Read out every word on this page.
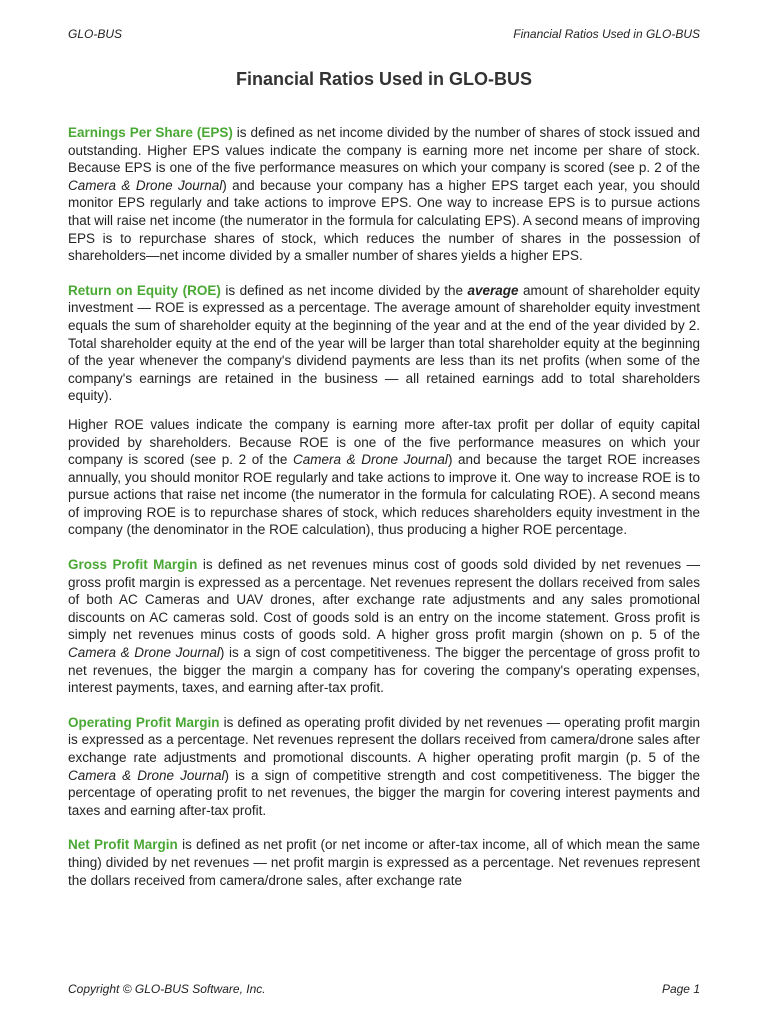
GLO-BUS	Financial Ratios Used in GLO-BUS
Financial Ratios Used in GLO-BUS

Earnings Per Share (EPS) is defined as net income divided by the number of shares of stock issued and outstanding. Higher EPS values indicate the company is earning more net income per share of stock. Because EPS is one of the five performance measures on which your company is scored (see p. 2 of the Camera & Drone Journal) and because your company has a higher EPS target each year, you should monitor EPS regularly and take actions to improve EPS. One way to increase EPS is to pursue actions that will raise net income (the numerator in the formula for calculating EPS). A second means of improving EPS is to repurchase shares of stock, which reduces the number of shares in the possession of shareholders—net income divided by a smaller number of shares yields a higher EPS.

Return on Equity (ROE) is defined as net income divided by the average amount of shareholder equity investment — ROE is expressed as a percentage. The average amount of shareholder equity investment equals the sum of shareholder equity at the beginning of the year and at the end of the year divided by 2. Total shareholder equity at the end of the year will be larger than total shareholder equity at the beginning of the year whenever the company's dividend payments are less than its net profits (when some of the company's earnings are retained in the business — all retained earnings add to total shareholders equity).

Higher ROE values indicate the company is earning more after-tax profit per dollar of equity capital provided by shareholders. Because ROE is one of the five performance measures on which your company is scored (see p. 2 of the Camera & Drone Journal) and because the target ROE increases annually, you should monitor ROE regularly and take actions to improve it. One way to increase ROE is to pursue actions that raise net income (the numerator in the formula for calculating ROE). A second means of improving ROE is to repurchase shares of stock, which reduces shareholders equity investment in the company (the denominator in the ROE calculation), thus producing a higher ROE percentage.

Gross Profit Margin is defined as net revenues minus cost of goods sold divided by net revenues — gross profit margin is expressed as a percentage. Net revenues represent the dollars received from sales of both AC Cameras and UAV drones, after exchange rate adjustments and any sales promotional discounts on AC cameras sold. Cost of goods sold is an entry on the income statement. Gross profit is simply net revenues minus costs of goods sold. A higher gross profit margin (shown on p. 5 of the Camera & Drone Journal) is a sign of cost competitiveness. The bigger the percentage of gross profit to net revenues, the bigger the margin a company has for covering the company's operating expenses, interest payments, taxes, and earning after-tax profit.

Operating Profit Margin is defined as operating profit divided by net revenues — operating profit margin is expressed as a percentage. Net revenues represent the dollars received from camera/drone sales after exchange rate adjustments and promotional discounts. A higher operating profit margin (p. 5 of the Camera & Drone Journal) is a sign of competitive strength and cost competitiveness. The bigger the percentage of operating profit to net revenues, the bigger the margin for covering interest payments and taxes and earning after-tax profit.

Net Profit Margin is defined as net profit (or net income or after-tax income, all of which mean the same thing) divided by net revenues — net profit margin is expressed as a percentage. Net revenues represent the dollars received from camera/drone sales, after exchange rate

Copyright © GLO-BUS Software, Inc.	Page 1
